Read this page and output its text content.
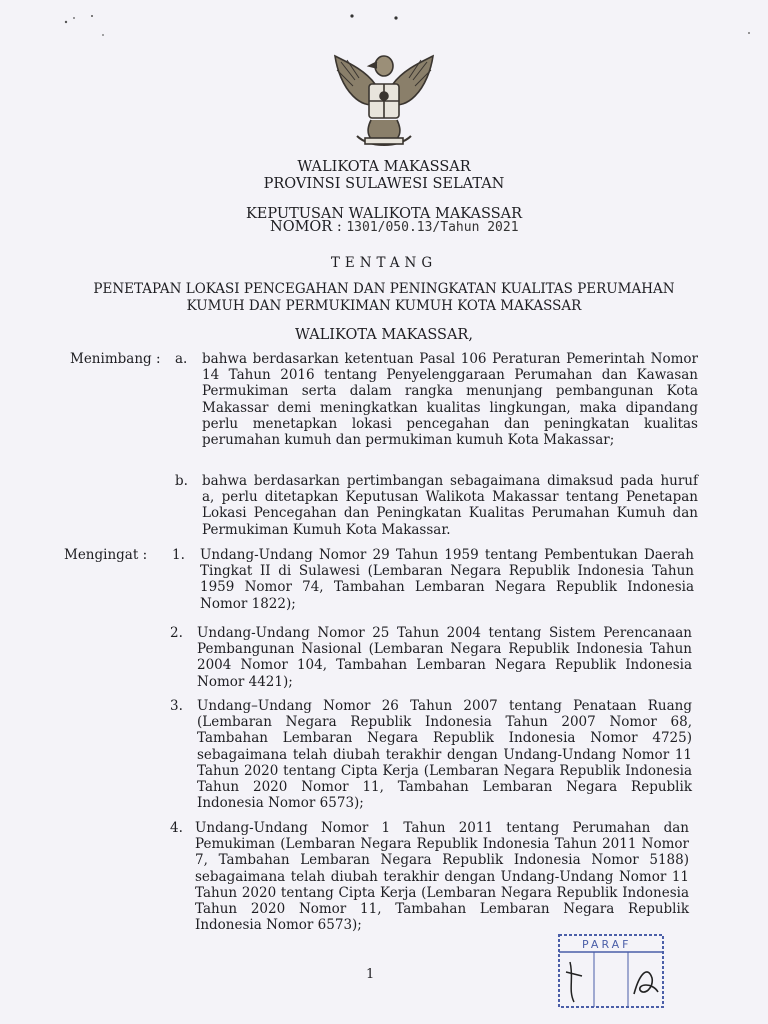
WALIKOTA MAKASSAR
PROVINSI SULAWESI SELATAN
KEPUTUSAN WALIKOTA MAKASSAR
NOMOR : 1301/050.13/Tahun 2021
TENTANG
PENETAPAN LOKASI PENCEGAHAN DAN PENINGKATAN KUALITAS PERUMAHAN
KUMUH DAN PERMUKIMAN KUMUH KOTA MAKASSAR
WALIKOTA MAKASSAR,
Menimbang : a. bahwa berdasarkan ketentuan Pasal 106 Peraturan Pemerintah Nomor 14 Tahun 2016 tentang Penyelenggaraan Perumahan dan Kawasan Permukiman serta dalam rangka menunjang pembangunan Kota Makassar demi meningkatkan kualitas lingkungan, maka dipandang perlu menetapkan lokasi pencegahan dan peningkatan kualitas perumahan kumuh dan permukiman kumuh Kota Makassar;

b. bahwa berdasarkan pertimbangan sebagaimana dimaksud pada huruf a, perlu ditetapkan Keputusan Walikota Makassar tentang Penetapan Lokasi Pencegahan dan Peningkatan Kualitas Perumahan Kumuh dan Permukiman Kumuh Kota Makassar.

Mengingat : 1. Undang-Undang Nomor 29 Tahun 1959 tentang Pembentukan Daerah Tingkat II di Sulawesi (Lembaran Negara Republik Indonesia Tahun 1959 Nomor 74, Tambahan Lembaran Negara Republik Indonesia Nomor 1822);

2. Undang-Undang Nomor 25 Tahun 2004 tentang Sistem Perencanaan Pembangunan Nasional (Lembaran Negara Republik Indonesia Tahun 2004 Nomor 104, Tambahan Lembaran Negara Republik Indonesia Nomor 4421);

3. Undang–Undang Nomor 26 Tahun 2007 tentang Penataan Ruang (Lembaran Negara Republik Indonesia Tahun 2007 Nomor 68, Tambahan Lembaran Negara Republik Indonesia Nomor 4725) sebagaimana telah diubah terakhir dengan Undang-Undang Nomor 11 Tahun 2020 tentang Cipta Kerja (Lembaran Negara Republik Indonesia Tahun 2020 Nomor 11, Tambahan Lembaran Negara Republik Indonesia Nomor 6573);

4. Undang-Undang Nomor 1 Tahun 2011 tentang Perumahan dan Pemukiman (Lembaran Negara Republik Indonesia Tahun 2011 Nomor 7, Tambahan Lembaran Negara Republik Indonesia Nomor 5188) sebagaimana telah diubah terakhir dengan Undang-Undang Nomor 11 Tahun 2020 tentang Cipta Kerja (Lembaran Negara Republik Indonesia Tahun 2020 Nomor 11, Tambahan Lembaran Negara Republik Indonesia Nomor 6573);

PARAF
1
